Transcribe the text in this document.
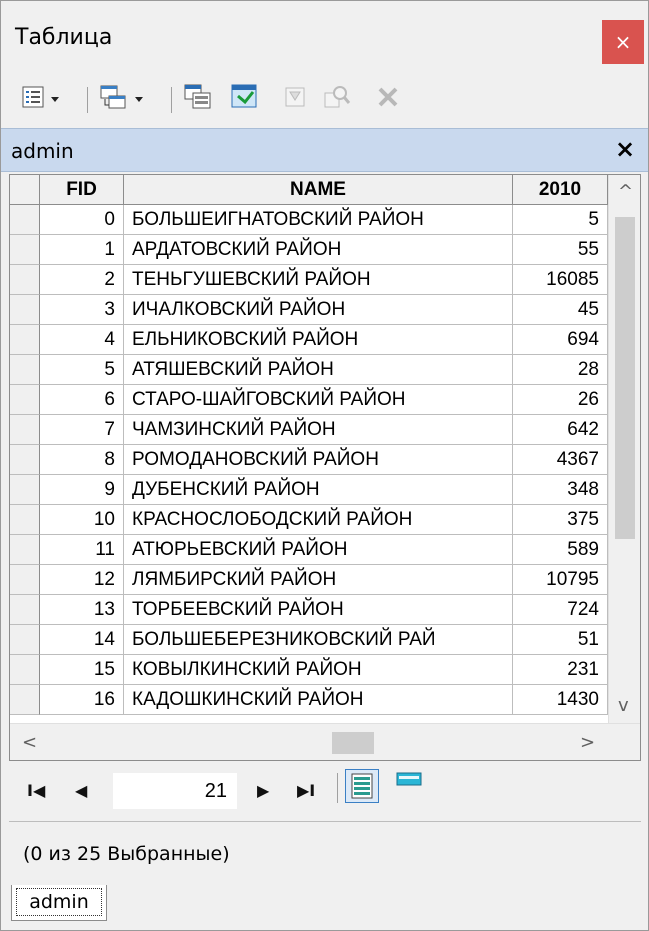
Таблица	×
admin	×
FID	NAME	2010
0 БОЛЬШЕИГНАТОВСКИЙ РАЙОН	5
1 АРДАТОВСКИЙ РАЙОН	55
2 ТЕНЬГУШЕВСКИЙ РАЙОН	16085
3 ИЧАЛКОВСКИЙ РАЙОН	45
4 ЕЛЬНИКОВСКИЙ РАЙОН	694
5 АТЯШЕВСКИЙ РАЙОН	28
6 СТАРО-ШАЙГОВСКИЙ РАЙОН	26
7 ЧАМЗИНСКИЙ РАЙОН	642
8 РОМОДАНОВСКИЙ РАЙОН	4367
9 ДУБЕНСКИЙ РАЙОН	348
10 КРАСНОСЛОБОДСКИЙ РАЙОН	375
11 АТЮРЬЕВСКИЙ РАЙОН	589
12 ЛЯМБИРСКИЙ РАЙОН	10795
13 ТОРБЕЕВСКИЙ РАЙОН	724
14 БОЛЬШЕБЕРЕЗНИКОВСКИЙ РАЙ	51
15 КОВЫЛКИНСКИЙ РАЙОН	231
16 КАДОШКИНСКИЙ РАЙОН	1430
^
v
<	>
I◀ ◀	21	▶ ▶I
(0 из 25 Выбранные)
admin
